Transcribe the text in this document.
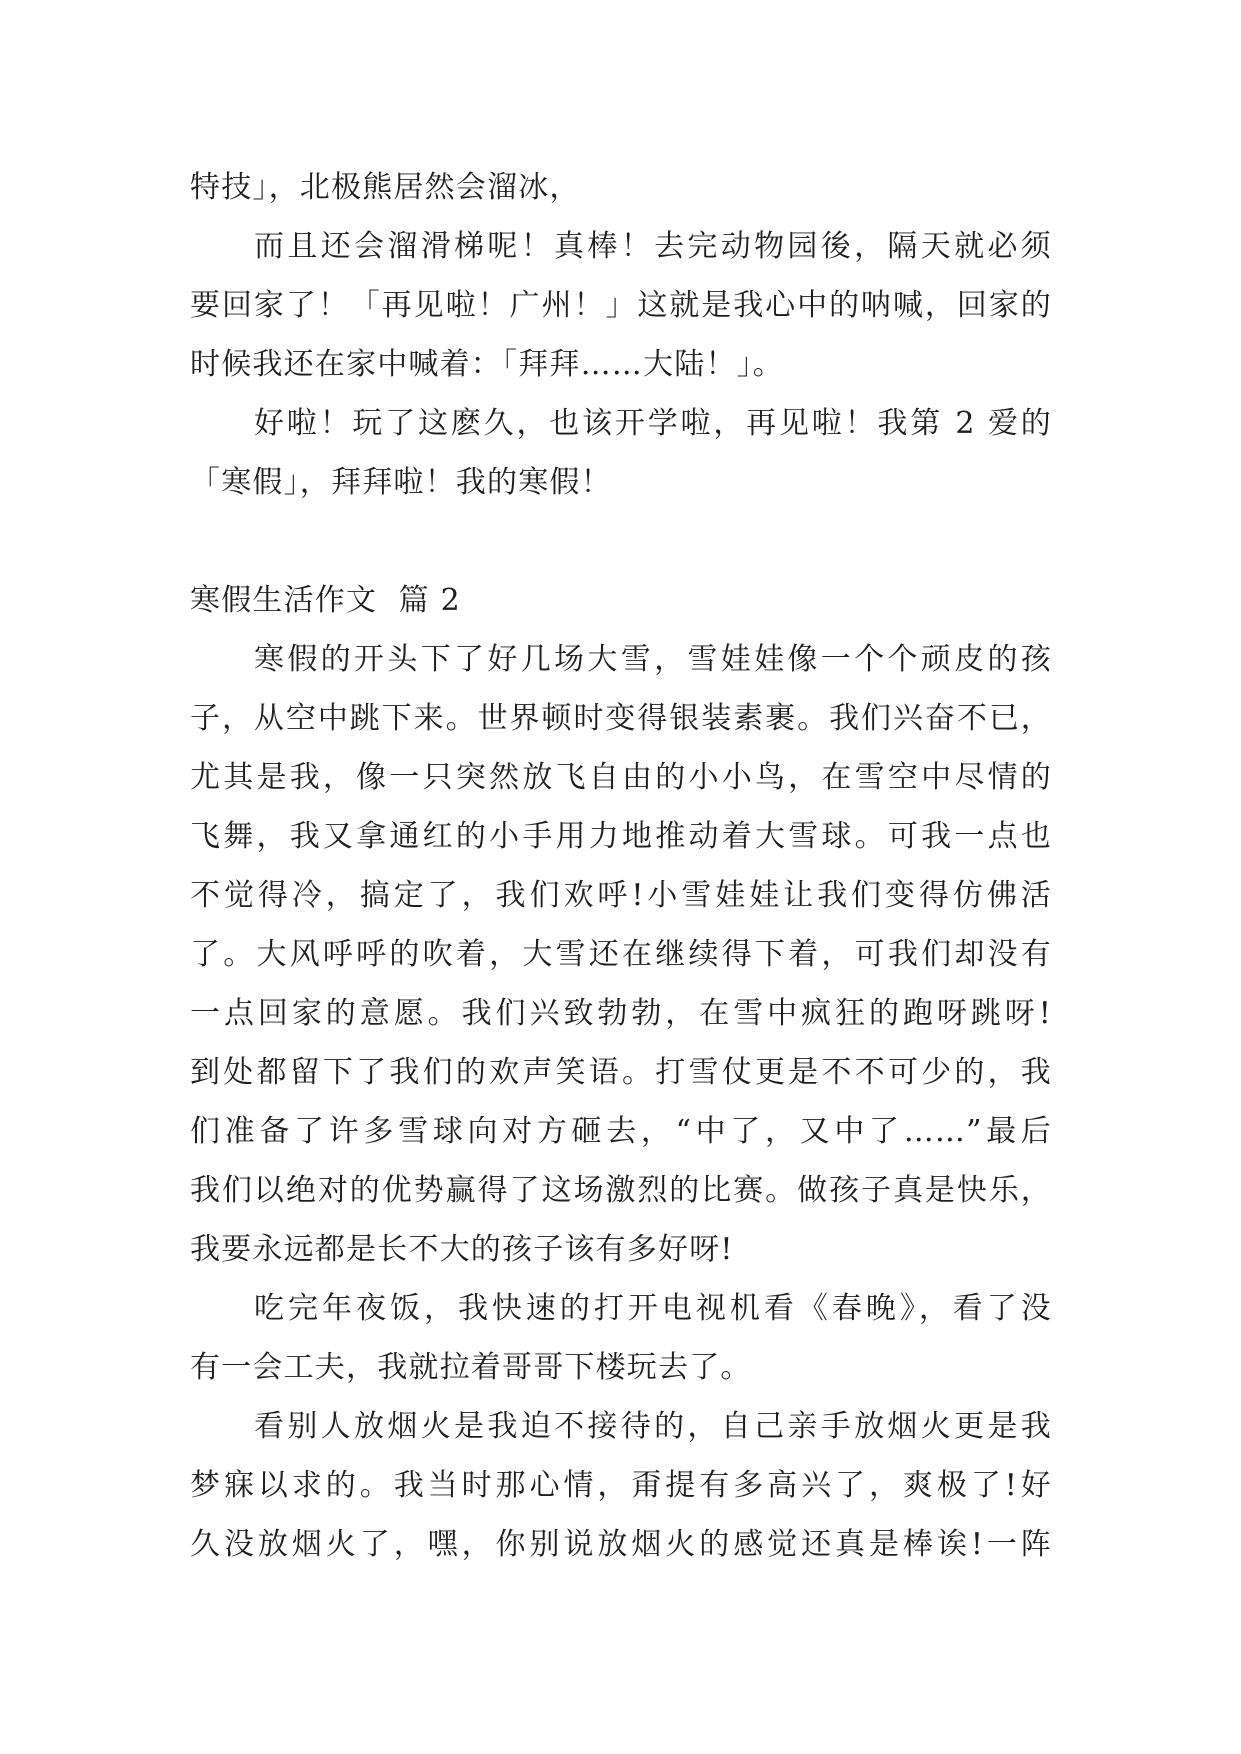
特技」，北极熊居然会溜冰，
而且还会溜滑梯呢！真棒！去完动物园後，隔天就必须
要回家了！「再见啦！广州！」这就是我心中的呐喊，回家的
时候我还在家中喊着：「拜拜……大陆！」。
好啦！玩了这麽久，也该开学啦，再见啦！我第 2 爱的
「寒假」，拜拜啦！我的寒假！
寒假生活作文  篇 2
寒假的开头下了好几场大雪，雪娃娃像一个个顽皮的孩
子，从空中跳下来。世界顿时变得银装素裹。我们兴奋不已，
尤其是我，像一只突然放飞自由的小小鸟，在雪空中尽情的
飞舞，我又拿通红的小手用力地推动着大雪球。可我一点也
不觉得冷，搞定了，我们欢呼!小雪娃娃让我们变得仿佛活
了。大风呼呼的吹着，大雪还在继续得下着，可我们却没有
一点回家的意愿。我们兴致勃勃，在雪中疯狂的跑呀跳呀!
到处都留下了我们的欢声笑语。打雪仗更是不不可少的，我
们准备了许多雪球向对方砸去，“中了，又中了……”最后
我们以绝对的优势赢得了这场激烈的比赛。做孩子真是快乐，
我要永远都是长不大的孩子该有多好呀!
吃完年夜饭，我快速的打开电视机看《春晚》，看了没
有一会工夫，我就拉着哥哥下楼玩去了。
看别人放烟火是我迫不接待的，自己亲手放烟火更是我
梦寐以求的。我当时那心情，甭提有多高兴了，爽极了!好
久没放烟火了，嘿，你别说放烟火的感觉还真是棒诶!一阵
